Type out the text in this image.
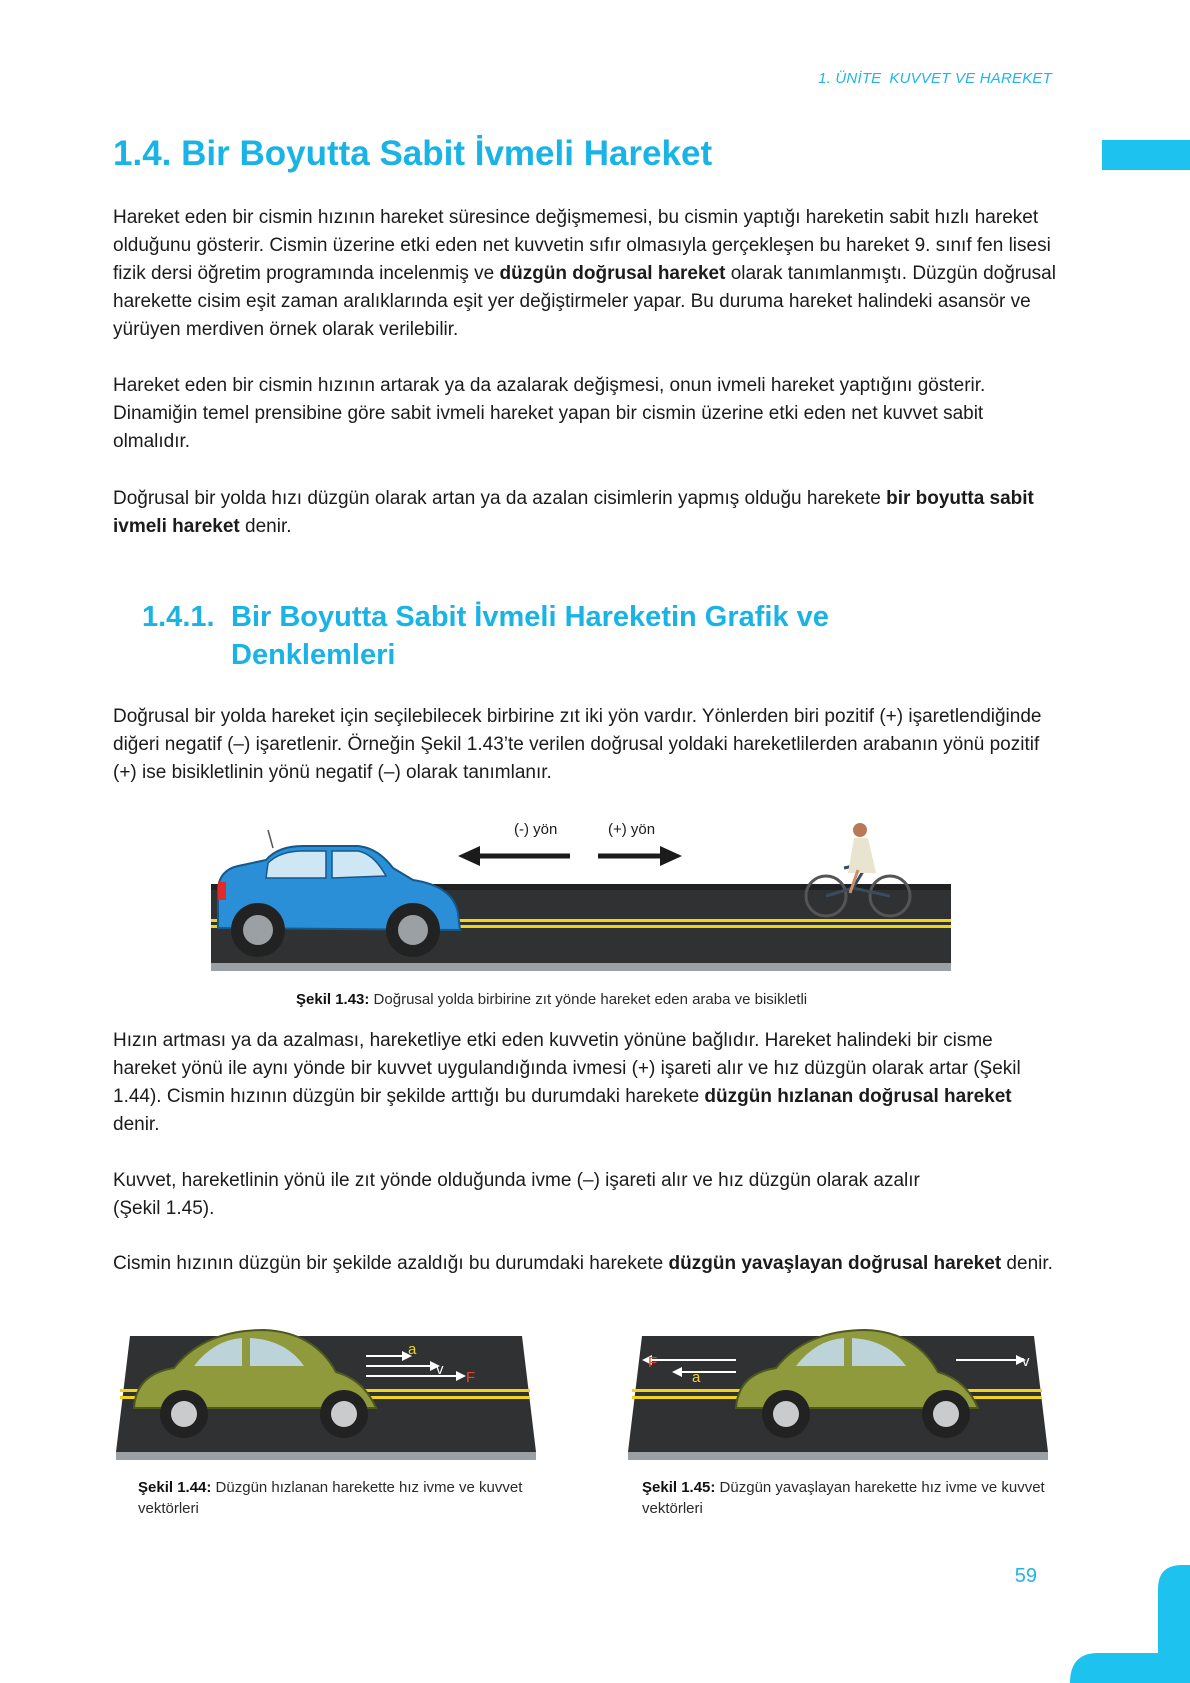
1. ÜNİTE KUVVET VE HAREKET
1.4. Bir Boyutta Sabit İvmeli Hareket

Hareket eden bir cismin hızının hareket süresince değişmemesi, bu cismin yaptığı hareketin sabit hızlı hareket olduğunu gösterir. Cismin üzerine etki eden net kuvvetin sıfır olmasıyla gerçekleşen bu hareket 9. sınıf fen lisesi fizik dersi öğretim programında incelenmiş ve düzgün doğrusal hareket olarak tanımlanmıştı. Düzgün doğrusal harekette cisim eşit zaman aralıklarında eşit yer değiştirmeler yapar. Bu duruma hareket halindeki asansör ve yürüyen merdiven örnek olarak verilebilir.

Hareket eden bir cismin hızının artarak ya da azalarak değişmesi, onun ivmeli hareket yaptığını gösterir. Dinamiğin temel prensibine göre sabit ivmeli hareket yapan bir cismin üzerine etki eden net kuvvet sabit olmalıdır.

Doğrusal bir yolda hızı düzgün olarak artan ya da azalan cisimlerin yapmış olduğu harekete bir boyutta sabit ivmeli hareket denir.

1.4.1. Bir Boyutta Sabit İvmeli Hareketin Grafik ve
Denklemleri

Doğrusal bir yolda hareket için seçilebilecek birbirine zıt iki yön vardır. Yönlerden biri pozitif (+) işaretlendiğinde diğeri negatif (–) işaretlenir. Örneğin Şekil 1.43’te verilen doğrusal yoldaki hareketlilerden arabanın yönü pozitif (+) ise bisikletlinin yönü negatif (–) olarak tanımlanır.

(-) yön	(+) yön
Şekil 1.43: Doğrusal yolda birbirine zıt yönde hareket eden araba ve bisikletli

Hızın artması ya da azalması, hareketliye etki eden kuvvetin yönüne bağlıdır. Hareket halindeki bir cisme hareket yönü ile aynı yönde bir kuvvet uygulandığında ivmesi (+) işareti alır ve hız düzgün olarak artar (Şekil 1.44). Cismin hızının düzgün bir şekilde arttığı bu durumdaki harekete düzgün hızlanan doğrusal hareket denir.

Kuvvet, hareketlinin yönü ile zıt yönde olduğunda ivme (–) işareti alır ve hız düzgün olarak azalır
(Şekil 1.45).

Cismin hızının düzgün bir şekilde azaldığı bu durumdaki harekete düzgün yavaşlayan doğrusal hareket denir.

a
v F
Şekil 1.44: Düzgün hızlanan harekette hız ivme ve kuvvet vektörleri
F
a
v
Şekil 1.45: Düzgün yavaşlayan harekette hız ivme ve kuvvet vektörleri
59
